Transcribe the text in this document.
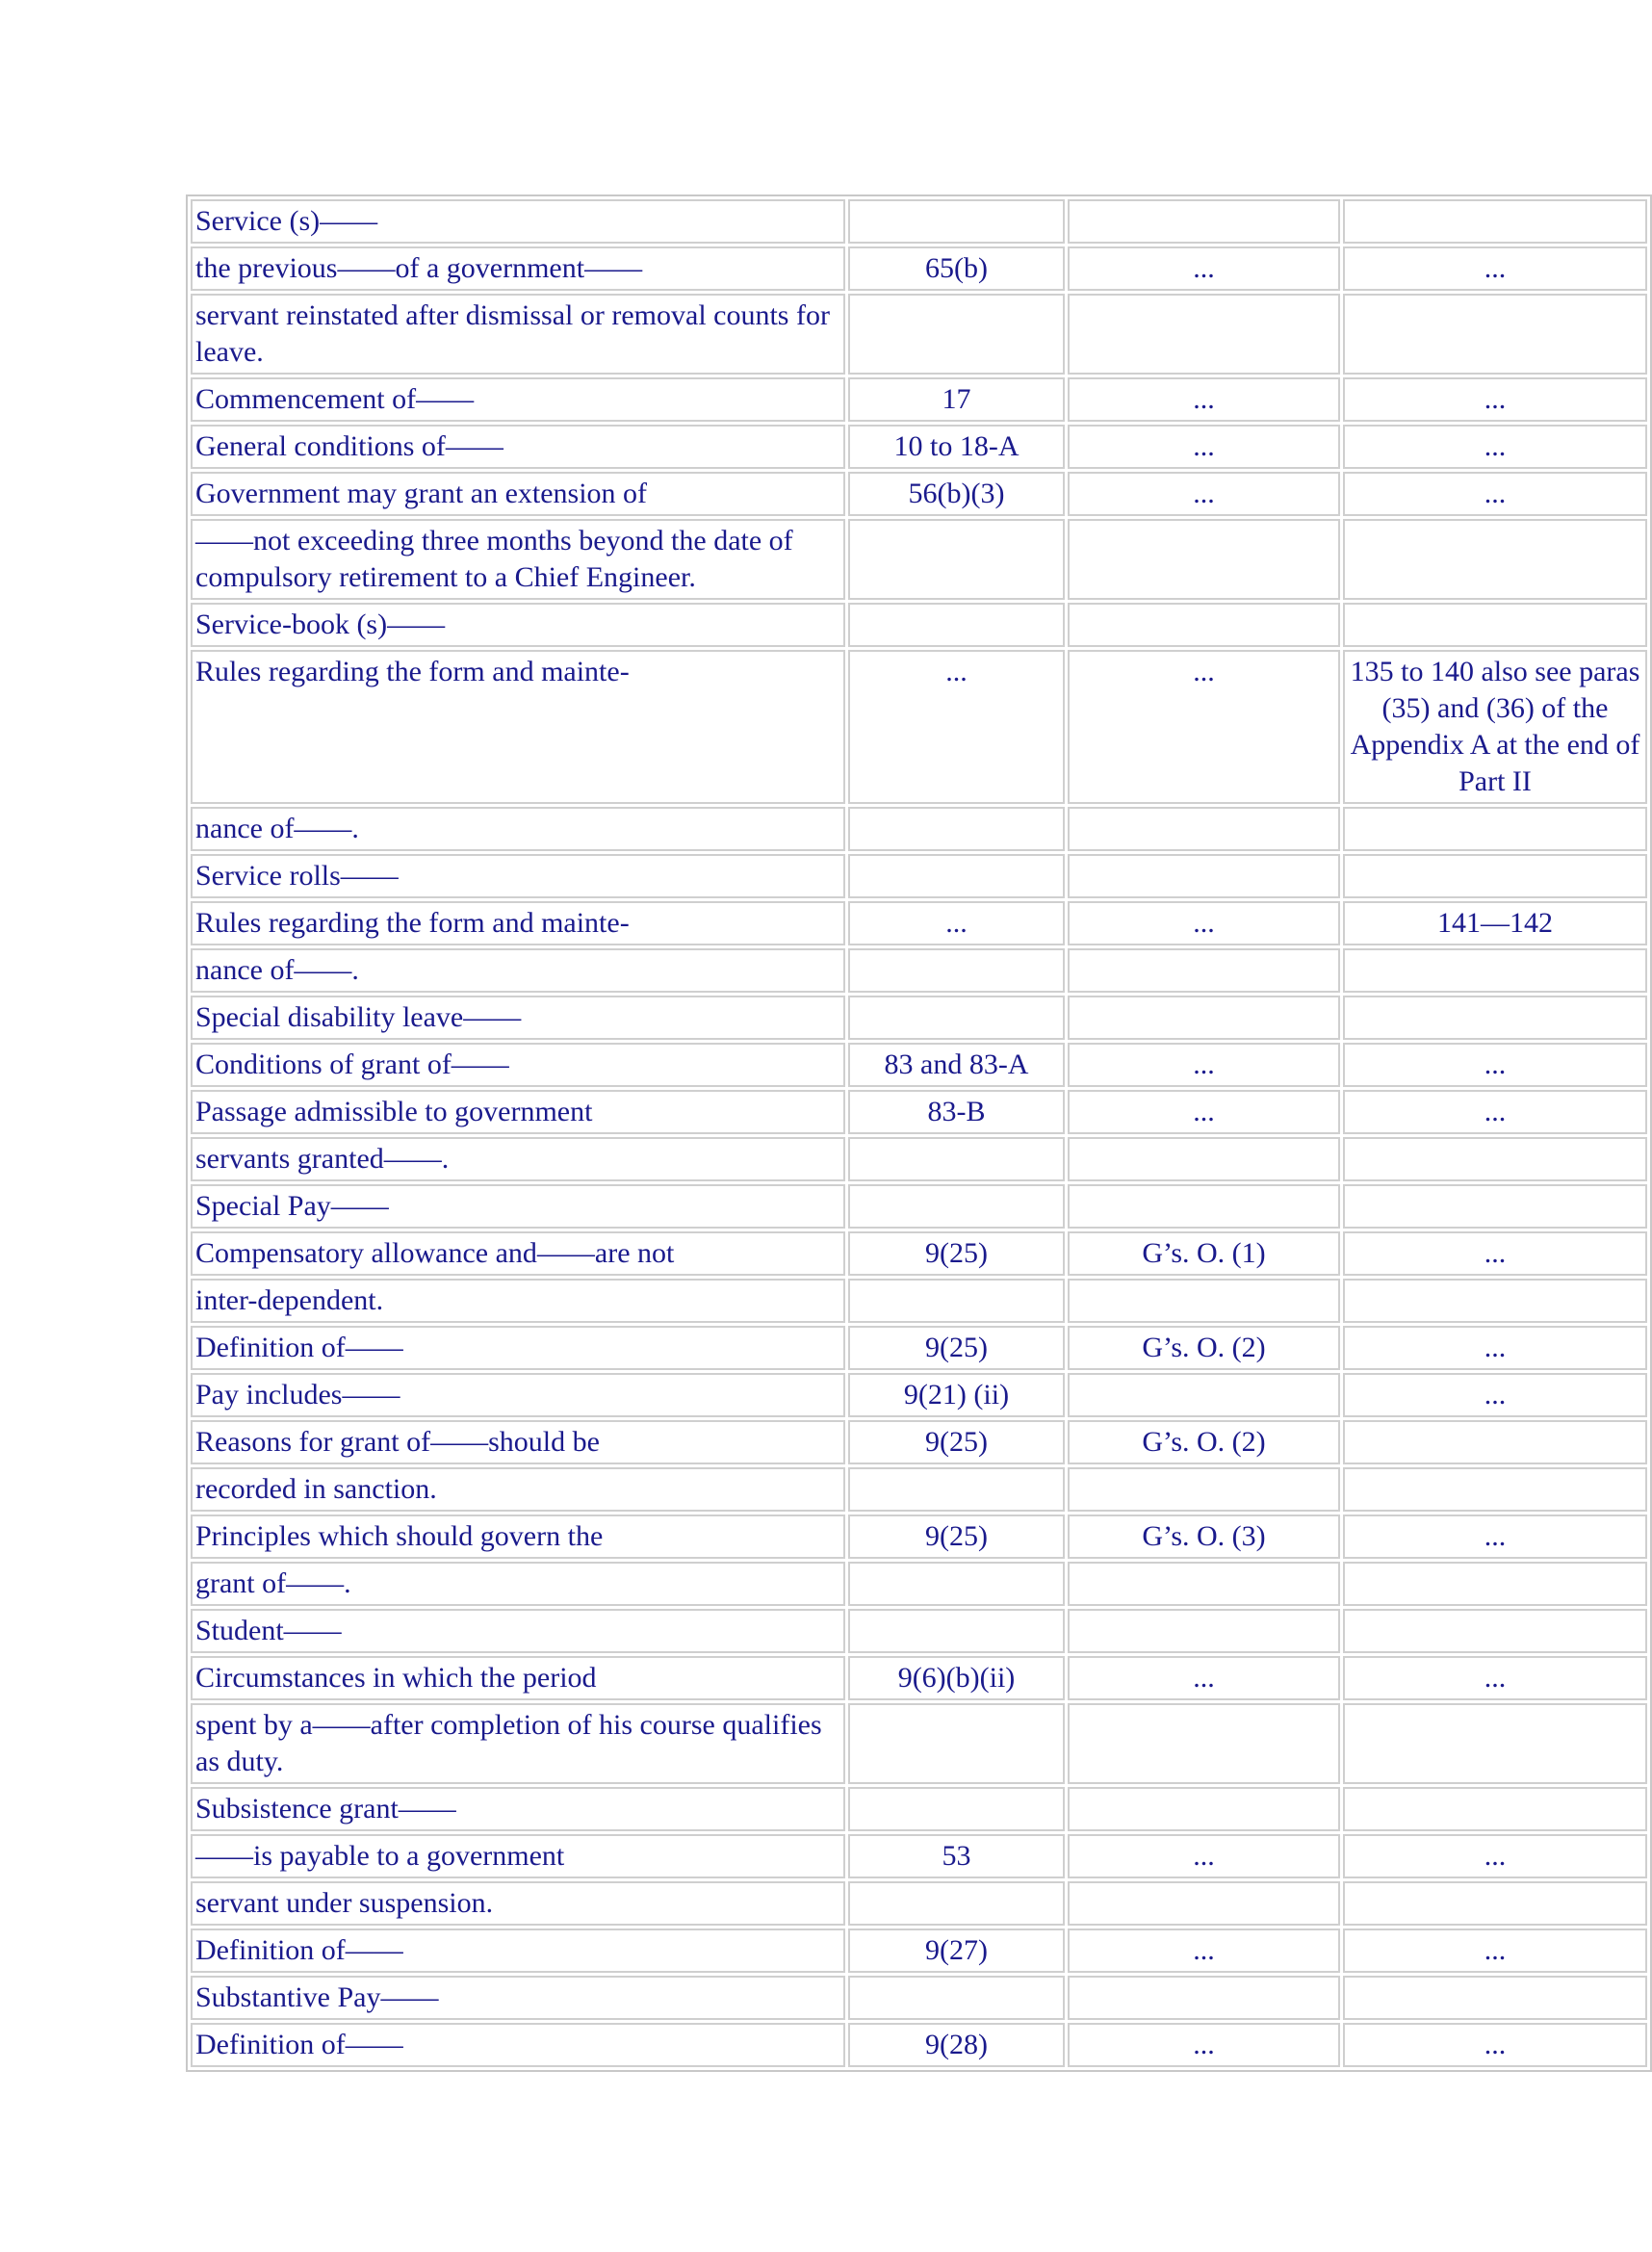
Service (s)——			
the previous——of a government——	65(b)	...	...
servant reinstated after dismissal or removal counts for leave.			
Commencement of——	17	...	...
General conditions of——	10 to 18-A	...	...
Government may grant an extension of	56(b)(3)	...	...
——not exceeding three months beyond the date of compulsory retirement to a Chief Engineer.			
Service-book (s)——			
Rules regarding the form and mainte-	...	...	135 to 140 also see paras (35) and (36) of the Appendix A at the end of Part II
nance of——.			
Service rolls——			
Rules regarding the form and mainte-	...	...	141—142
nance of——.			
Special disability leave——			
Conditions of grant of——	83 and 83-A	...	...
Passage admissible to government	83-B	...	...
servants granted——.			
Special Pay——			
Compensatory allowance and——are not	9(25)	G’s. O. (1)	...
inter-dependent.			
Definition of——	9(25)	G’s. O. (2)	...
Pay includes——	9(21) (ii)		...
Reasons for grant of——should be	9(25)	G’s. O. (2)	
recorded in sanction.			
Principles which should govern the	9(25)	G’s. O. (3)	...
grant of——.			
Student——			
Circumstances in which the period	9(6)(b)(ii)	...	...
spent by a——after completion of his course qualifies as duty.			
Subsistence grant——			
——is payable to a government	53	...	...
servant under suspension.			
Definition of——	9(27)	...	...
Substantive Pay——			
Definition of——	9(28)	...	...
